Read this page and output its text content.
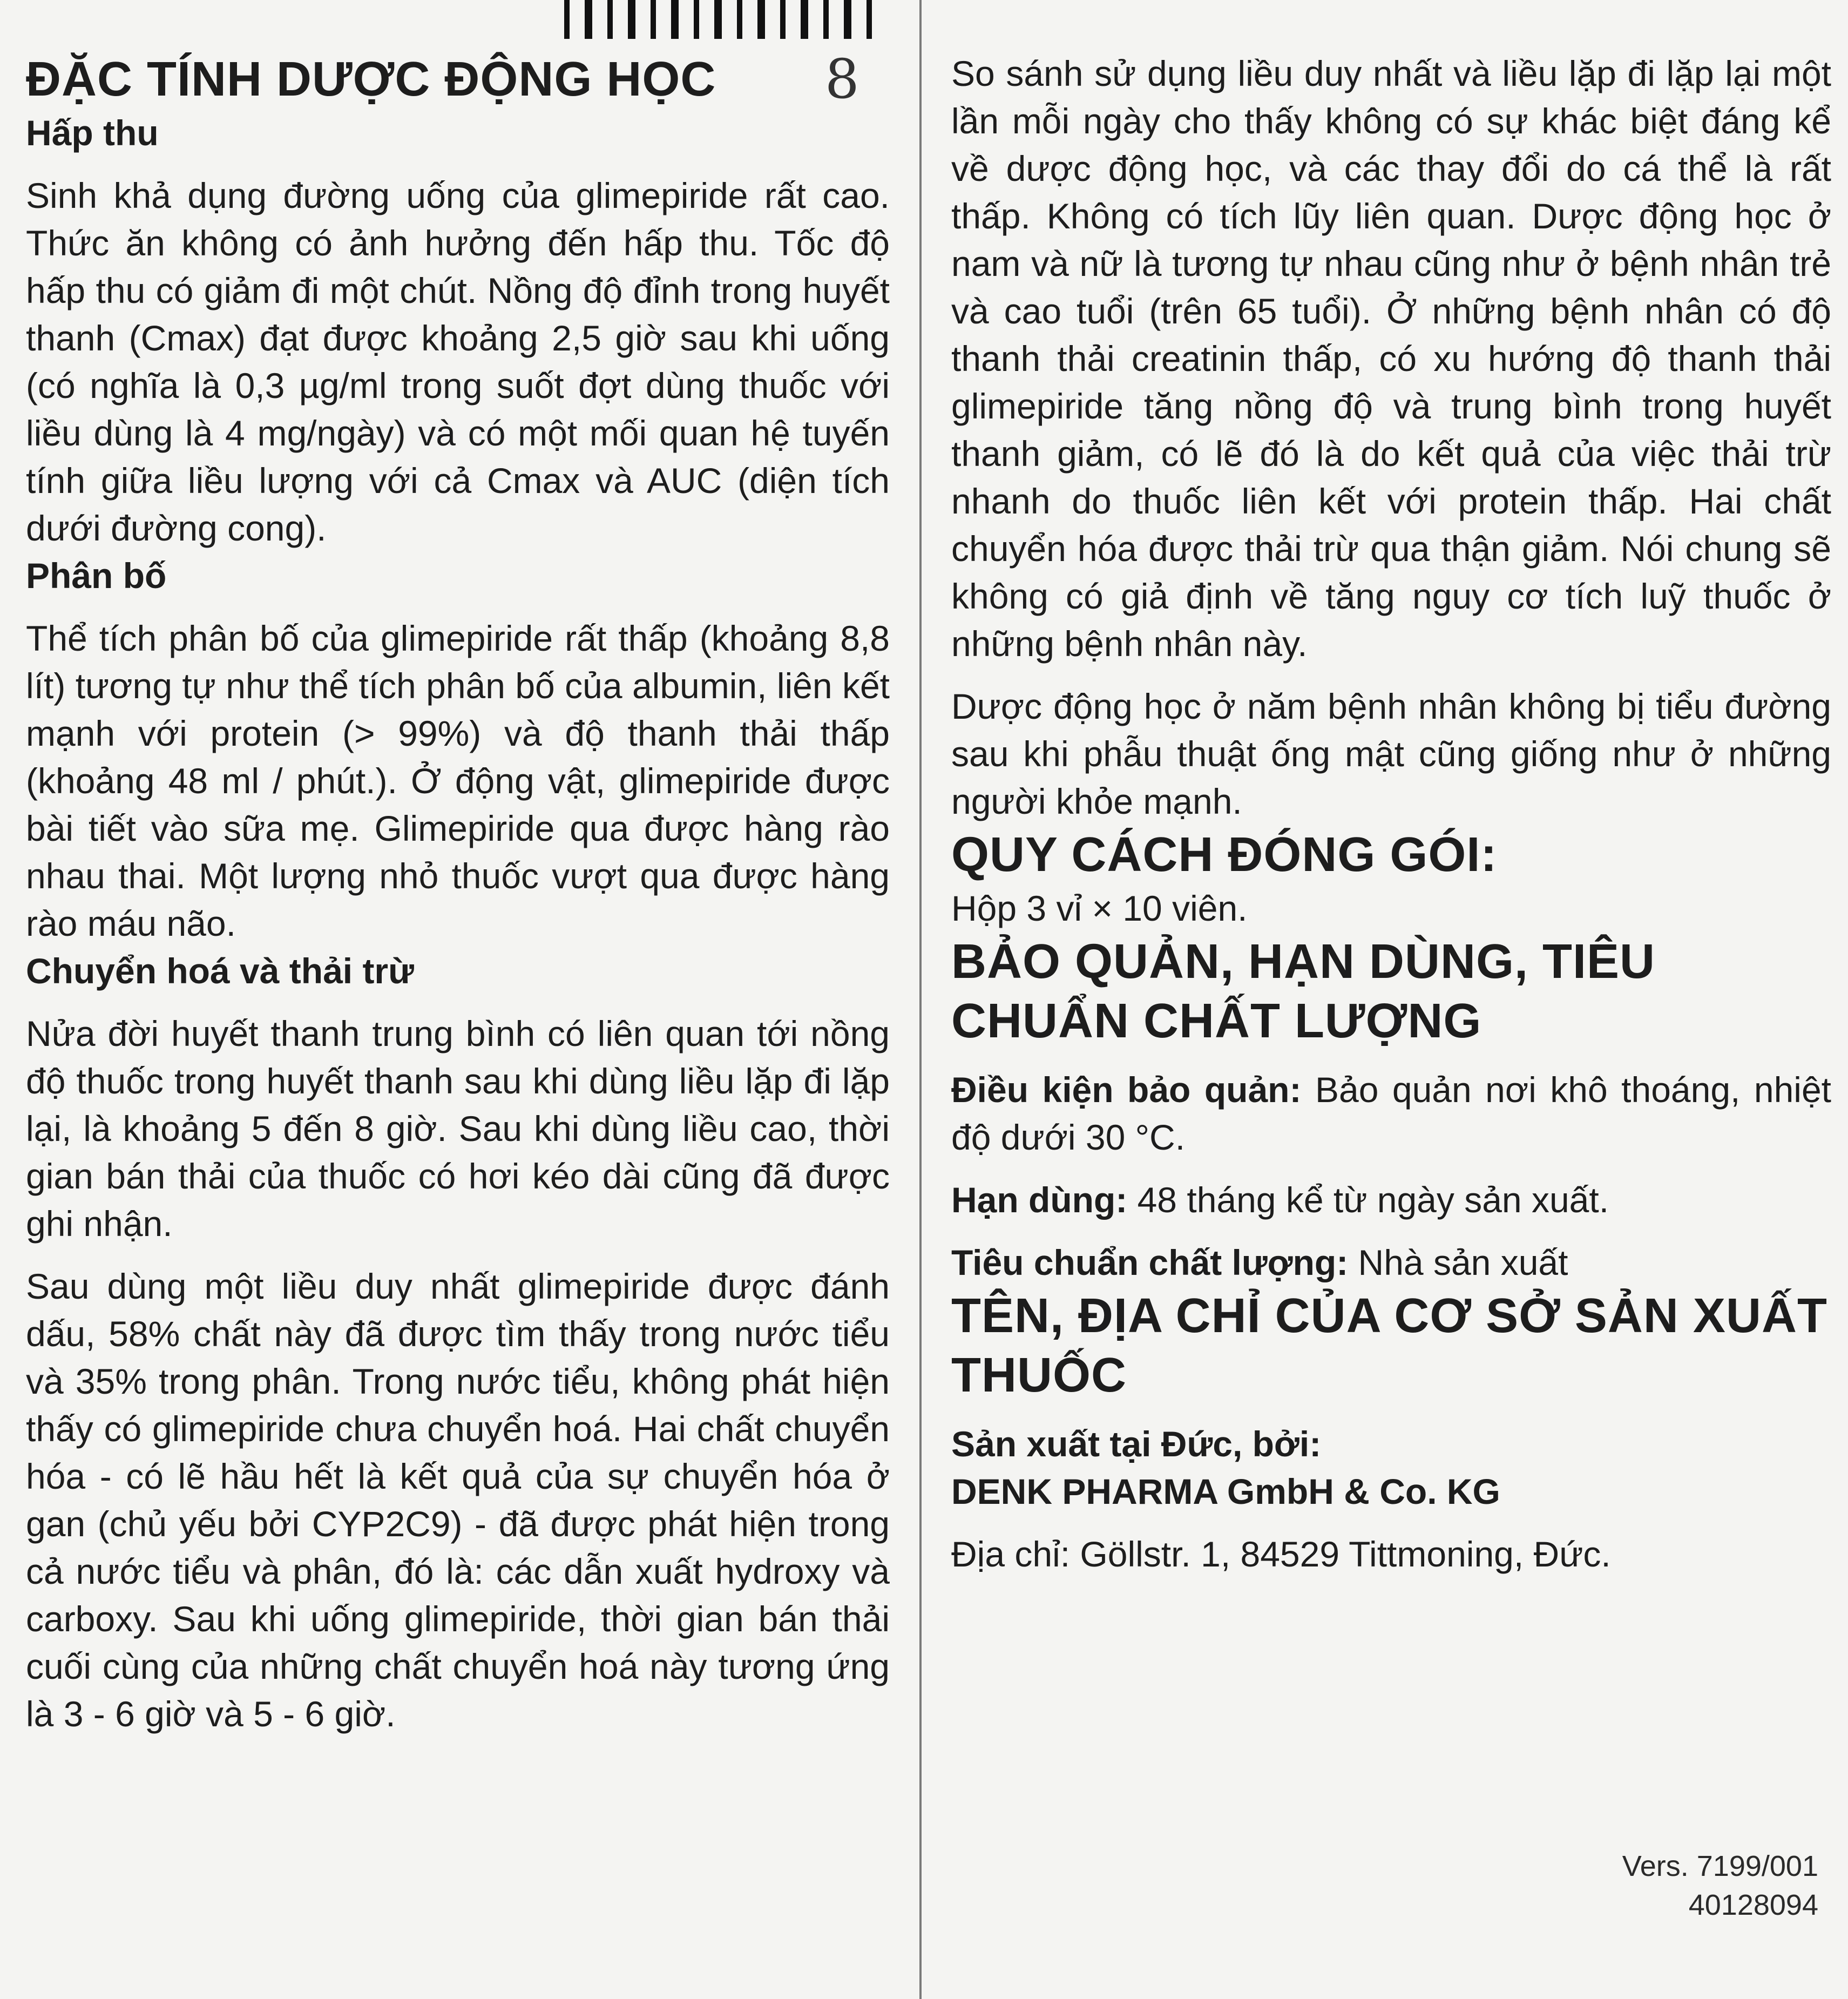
ĐẶC TÍNH DƯỢC ĐỘNG HỌC	8
Hấp thu

Sinh khả dụng đường uống của glimepiride rất cao. Thức ăn không có ảnh hưởng đến hấp thu. Tốc độ hấp thu có giảm đi một chút. Nồng độ đỉnh trong huyết thanh (Cmax) đạt được khoảng 2,5 giờ sau khi uống (có nghĩa là 0,3 µg/ml trong suốt đợt dùng thuốc với liều dùng là 4 mg/ngày) và có một mối quan hệ tuyến tính giữa liều lượng với cả Cmax và AUC (diện tích dưới đường cong).

Phân bố

Thể tích phân bố của glimepiride rất thấp (khoảng 8,8 lít) tương tự như thể tích phân bố của albumin, liên kết mạnh với protein (> 99%) và độ thanh thải thấp (khoảng 48 ml / phút.). Ở động vật, glimepiride được bài tiết vào sữa mẹ. Glimepiride qua được hàng rào nhau thai. Một lượng nhỏ thuốc vượt qua được hàng rào máu não.

Chuyển hoá và thải trừ

Nửa đời huyết thanh trung bình có liên quan tới nồng độ thuốc trong huyết thanh sau khi dùng liều lặp đi lặp lại, là khoảng 5 đến 8 giờ. Sau khi dùng liều cao, thời gian bán thải của thuốc có hơi kéo dài cũng đã được ghi nhận.

Sau dùng một liều duy nhất glimepiride được đánh dấu, 58% chất này đã được tìm thấy trong nước tiểu và 35% trong phân. Trong nước tiểu, không phát hiện thấy có glimepiride chưa chuyển hoá. Hai chất chuyển hóa - có lẽ hầu hết là kết quả của sự chuyển hóa ở gan (chủ yếu bởi CYP2C9) - đã được phát hiện trong cả nước tiểu và phân, đó là: các dẫn xuất hydroxy và carboxy. Sau khi uống glimepiride, thời gian bán thải cuối cùng của những chất chuyển hoá này tương ứng là 3 - 6 giờ và 5 - 6 giờ.

So sánh sử dụng liều duy nhất và liều lặp đi lặp lại một lần mỗi ngày cho thấy không có sự khác biệt đáng kể về dược động học, và các thay đổi do cá thể là rất thấp. Không có tích lũy liên quan. Dược động học ở nam và nữ là tương tự nhau cũng như ở bệnh nhân trẻ và cao tuổi (trên 65 tuổi). Ở những bệnh nhân có độ thanh thải creatinin thấp, có xu hướng độ thanh thải glimepiride tăng nồng độ và trung bình trong huyết thanh giảm, có lẽ đó là do kết quả của việc thải trừ nhanh do thuốc liên kết với protein thấp. Hai chất chuyển hóa được thải trừ qua thận giảm. Nói chung sẽ không có giả định về tăng nguy cơ tích luỹ thuốc ở những bệnh nhân này.

Dược động học ở năm bệnh nhân không bị tiểu đường sau khi phẫu thuật ống mật cũng giống như ở những người khỏe mạnh.

QUY CÁCH ĐÓNG GÓI:

Hộp 3 vỉ × 10 viên.

BẢO QUẢN, HẠN DÙNG, TIÊU CHUẨN CHẤT LƯỢNG

Điều kiện bảo quản: Bảo quản nơi khô thoáng, nhiệt độ dưới 30 °C.

Hạn dùng: 48 tháng kể từ ngày sản xuất.

Tiêu chuẩn chất lượng: Nhà sản xuất

TÊN, ĐỊA CHỈ CỦA CƠ SỞ SẢN XUẤT THUỐC

Sản xuất tại Đức, bởi:

DENK PHARMA GmbH & Co. KG

Địa chỉ: Göllstr. 1, 84529 Tittmoning, Đức.

Vers. 7199/001
40128094
